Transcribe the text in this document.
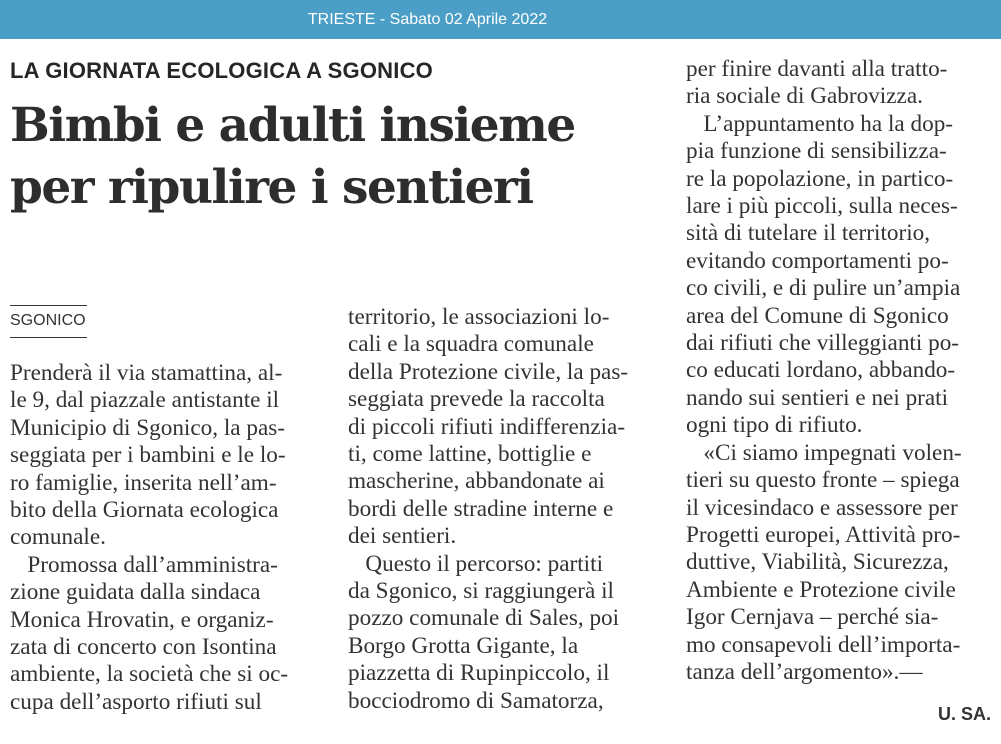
TRIESTE - Sabato 02 Aprile 2022
LA GIORNATA ECOLOGICA A SGONICO
Bimbi e adulti insieme
per ripulire i sentieri
SGONICO
Prenderà il via stamattina, al-
le 9, dal piazzale antistante il
Municipio di Sgonico, la pas-
seggiata per i bambini e le lo-
ro famiglie, inserita nell’am-
bito della Giornata ecologica
comunale.
Promossa dall’amministra-
zione guidata dalla sindaca
Monica Hrovatin, e organiz-
zata di concerto con Isontina
ambiente, la società che si oc-
cupa dell’asporto rifiuti sul
territorio, le associazioni lo-
cali e la squadra comunale
della Protezione civile, la pas-
seggiata prevede la raccolta
di piccoli rifiuti indifferenzia-
ti, come lattine, bottiglie e
mascherine, abbandonate ai
bordi delle stradine interne e
dei sentieri.
Questo il percorso: partiti
da Sgonico, si raggiungerà il
pozzo comunale di Sales, poi
Borgo Grotta Gigante, la
piazzetta di Rupinpiccolo, il
bocciodromo di Samatorza,
per finire davanti alla tratto-
ria sociale di Gabrovizza.
L’appuntamento ha la dop-
pia funzione di sensibilizza-
re la popolazione, in partico-
lare i più piccoli, sulla neces-
sità di tutelare il territorio,
evitando comportamenti po-
co civili, e di pulire un’ampia
area del Comune di Sgonico
dai rifiuti che villeggianti po-
co educati lordano, abbando-
nando sui sentieri e nei prati
ogni tipo di rifiuto.
«Ci siamo impegnati volen-
tieri su questo fronte – spiega
il vicesindaco e assessore per
Progetti europei, Attività pro-
duttive, Viabilità, Sicurezza,
Ambiente e Protezione civile
Igor Cernjava – perché sia-
mo consapevoli dell’importa-
tanza dell’argomento».—
U. SA.
